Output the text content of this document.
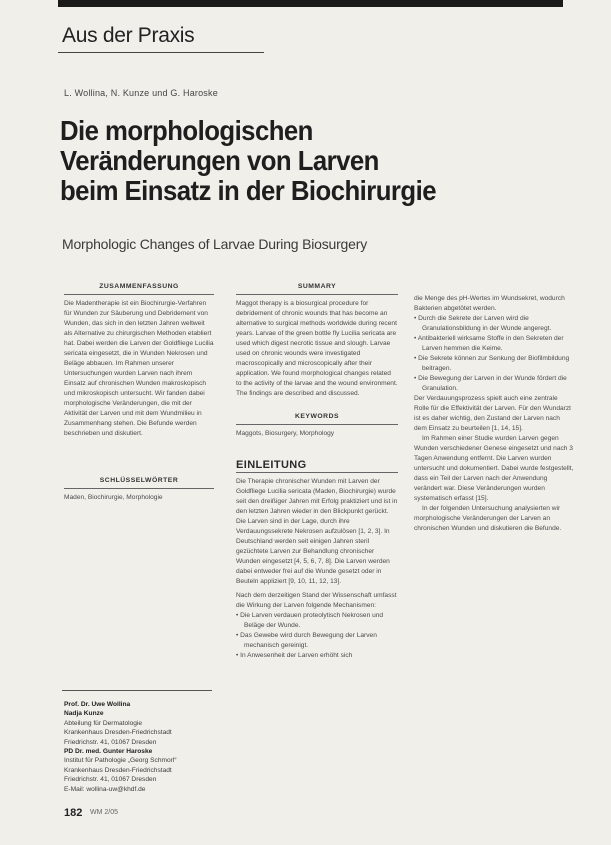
Aus der Praxis
L. Wollina, N. Kunze und G. Haroske
Die morphologischen
Veränderungen von Larven
beim Einsatz in der Biochirurgie
Morphologic Changes of Larvae During Biosurgery
ZUSAMMENFASSUNG

Die Madentherapie ist ein Biochirurgie-Verfahren für Wunden zur Säuberung und Debridement von Wunden, das sich in den letzten Jahren weltweit als Alternative zu chirurgischen Methoden etabliert hat. Dabei werden die Larven der Goldfliege Lucilia sericata eingesetzt, die in Wunden Nekrosen und Beläge abbauen. Im Rahmen unserer Untersuchungen wurden Larven nach ihrem Einsatz auf chronischen Wunden makroskopisch und mikroskopisch untersucht. Wir fanden dabei morphologische Veränderungen, die mit der Aktivität der Larven und mit dem Wundmilieu in Zusammenhang stehen. Die Befunde werden beschrieben und diskutiert.

SCHLÜSSELWÖRTER

Maden, Biochirurgie, Morphologie

Prof. Dr. Uwe Wollina
Nadja Kunze
Abteilung für Dermatologie
Krankenhaus Dresden-Friedrichstadt
Friedrichstr. 41, 01067 Dresden
PD Dr. med. Gunter Haroske
Institut für Pathologie „Georg Schmorl“
Krankenhaus Dresden-Friedrichstadt
Friedrichstr. 41, 01067 Dresden
E-Mail: wollina-uw@khdf.de
SUMMARY

Maggot therapy is a biosurgical procedure for debridement of chronic wounds that has become an alternative to surgical methods worldwide during recent years. Larvae of the green bottle fly Lucilia sericata are used which digest necrotic tissue and slough. Larvae used on chronic wounds were investigated macroscopically and microscopically after their application. We found morphological changes related to the activity of the larvae and the wound environment. The findings are described and discussed.

KEYWORDS

Maggots, Biosurgery, Morphology

EINLEITUNG

Die Therapie chronischer Wunden mit Larven der Goldfliege Lucilia sericata (Maden, Biochirurgie) wurde seit den dreißiger Jahren mit Erfolg praktiziert und ist in den letzten Jahren wieder in den Blickpunkt gerückt. Die Larven sind in der Lage, durch ihre Verdauungssekrete Nekrosen aufzulösen [1, 2, 3]. In Deutschland werden seit einigen Jahren steril gezüchtete Larven zur Behandlung chronischer Wunden eingesetzt [4, 5, 6, 7, 8]. Die Larven werden dabei entweder frei auf die Wunde gesetzt oder in Beuteln appliziert [9, 10, 11, 12, 13].

Nach dem derzeitigen Stand der Wissenschaft umfasst die Wirkung der Larven folgende Mechanismen:

• Die Larven verdauen proteolytisch Nekrosen und Beläge der Wunde.
• Das Gewebe wird durch Bewegung der Larven mechanisch gereinigt.
• In Anwesenheit der Larven erhöht sich

die Menge des pH-Wertes im Wundsekret, wodurch Bakterien abgetötet werden.

• Durch die Sekrete der Larven wird die Granulationsbildung in der Wunde angeregt.
• Antibakteriell wirksame Stoffe in den Sekreten der Larven hemmen die Keime.
• Die Sekrete können zur Senkung der Biofilmbildung beitragen.
• Die Bewegung der Larven in der Wunde fördert die Granulation.

Der Verdauungsprozess spielt auch eine zentrale Rolle für die Effektivität der Larven. Für den Wundarzt ist es daher wichtig, den Zustand der Larven nach dem Einsatz zu beurteilen [1, 14, 15].

Im Rahmen einer Studie wurden Larven gegen Wunden verschiedener Genese eingesetzt und nach 3 Tagen Anwendung entfernt. Die Larven wurden untersucht und dokumentiert. Dabei wurde festgestellt, dass ein Teil der Larven nach der Anwendung verändert war. Diese Veränderungen wurden systematisch erfasst [15].

In der folgenden Untersuchung analysierten wir morphologische Veränderungen der Larven an chronischen Wunden und diskutieren die Befunde.

182 WM 2/05
